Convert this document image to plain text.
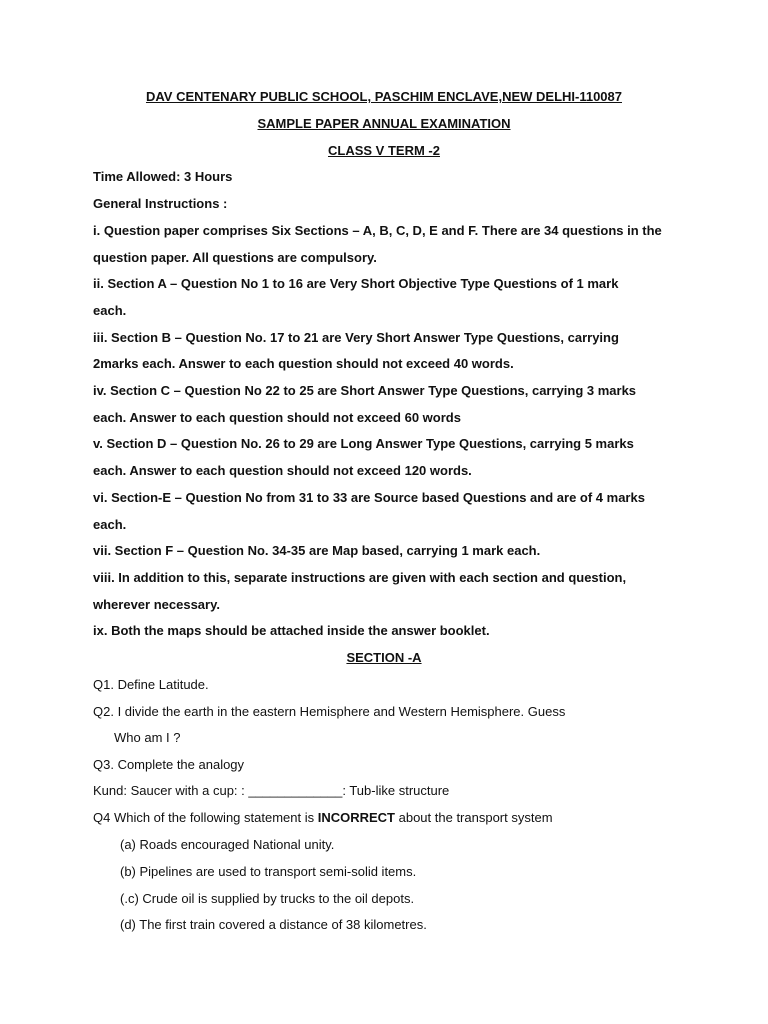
DAV CENTENARY PUBLIC SCHOOL, PASCHIM ENCLAVE,NEW DELHI-110087
SAMPLE PAPER ANNUAL EXAMINATION
CLASS V TERM -2
Time Allowed: 3 Hours
General Instructions :
i. Question paper comprises Six Sections – A, B, C, D, E and F. There are 34 questions in the
question paper. All questions are compulsory.
ii. Section A – Question No 1 to 16 are Very Short Objective Type Questions of 1 mark
each.
iii. Section B – Question No. 17 to 21 are Very Short Answer Type Questions, carrying
2marks each. Answer to each question should not exceed 40 words.
iv. Section C – Question No 22 to 25 are Short Answer Type Questions, carrying 3 marks
each. Answer to each question should not exceed 60 words
v. Section D – Question No. 26 to 29 are Long Answer Type Questions, carrying 5 marks
each. Answer to each question should not exceed 120 words.
vi. Section-E – Question No from 31 to 33 are Source based Questions and are of 4 marks
each.
vii. Section F – Question No. 34-35 are Map based, carrying 1 mark each.
viii. In addition to this, separate instructions are given with each section and question,
wherever necessary.
ix. Both the maps should be attached inside the answer booklet.
SECTION -A
Q1. Define Latitude.
Q2. I divide the earth in the eastern Hemisphere and Western Hemisphere. Guess
Who am I ?
Q3. Complete the analogy
Kund: Saucer with a cup: : _____________: Tub-like structure
Q4 Which of the following statement is INCORRECT about the transport system
(a) Roads encouraged National unity.
(b) Pipelines are used to transport semi-solid items.
(.c) Crude oil is supplied by trucks to the oil depots.
(d) The first train covered a distance of 38 kilometres.
